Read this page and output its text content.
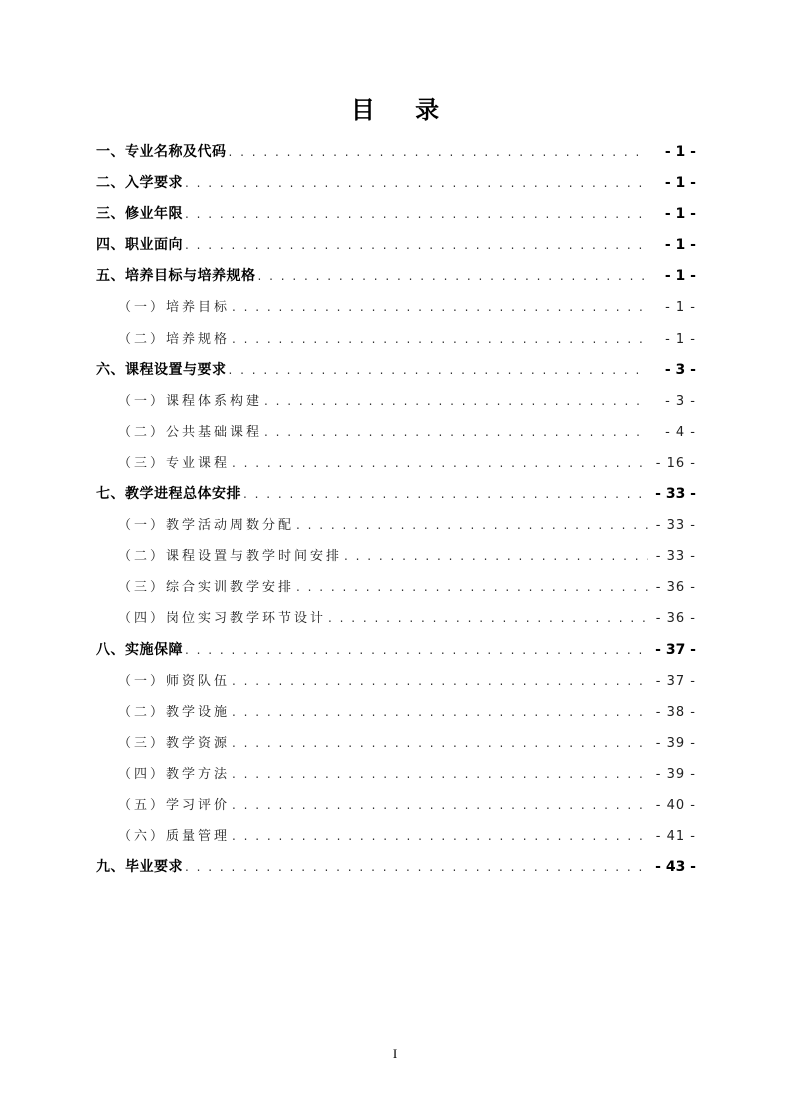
目 录
一、专业名称及代码 . . .	- 1 -
二、入学要求 . . .	- 1 -
三、修业年限 . . .	- 1 -
四、职业面向 . . .	- 1 -
五、培养目标与培养规格 . . .	- 1 -
（一）培养目标 . . .	- 1 -
（二）培养规格 . . .	- 1 -
六、课程设置与要求 . . .	- 3 -
（一）课程体系构建 . . .	- 3 -
（二）公共基础课程 . . .	- 4 -
（三）专业课程 . . .	- 16 -
七、教学进程总体安排 . . .	- 33 -
（一）教学活动周数分配 . . .	- 33 -
（二）课程设置与教学时间安排 . . .	- 33 -
（三）综合实训教学安排 . . .	- 36 -
（四）岗位实习教学环节设计 . . .	- 36 -
八、实施保障 . . .	- 37 -
（一）师资队伍 . . .	- 37 -
（二）教学设施 . . .	- 38 -
（三）教学资源 . . .	- 39 -
（四）教学方法 . . .	- 39 -
（五）学习评价 . . .	- 40 -
（六）质量管理 . . .	- 41 -
九、毕业要求 . . .	- 43 -
I
